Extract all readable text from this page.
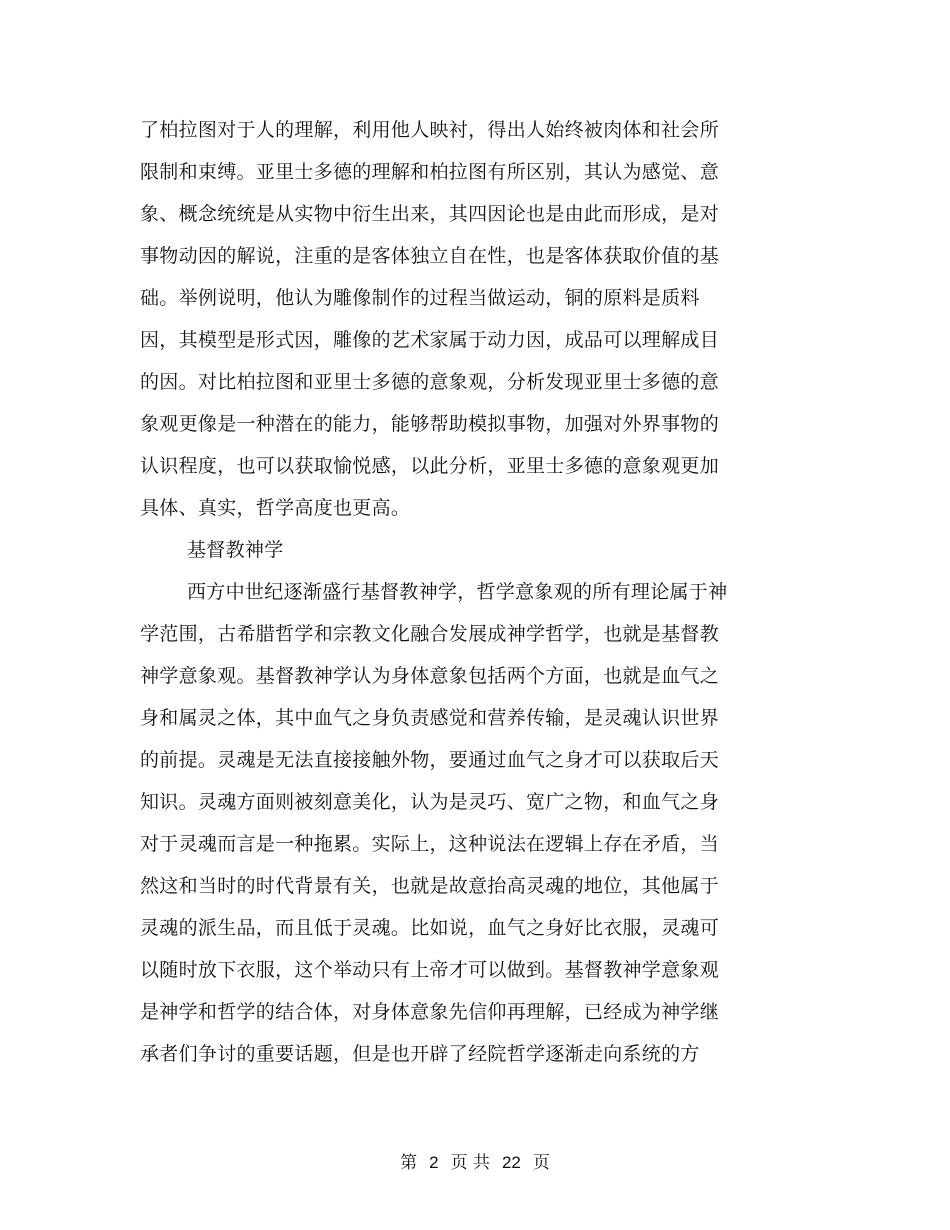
了柏拉图对于人的理解，利用他人映衬，得出人始终被肉体和社会所
限制和束缚。亚里士多德的理解和柏拉图有所区别，其认为感觉、意
象、概念统统是从实物中衍生出来，其四因论也是由此而形成，是对
事物动因的解说，注重的是客体独立自在性，也是客体获取价值的基
础。举例说明，他认为雕像制作的过程当做运动，铜的原料是质料
因，其模型是形式因，雕像的艺术家属于动力因，成品可以理解成目
的因。对比柏拉图和亚里士多德的意象观，分析发现亚里士多德的意
象观更像是一种潜在的能力，能够帮助模拟事物，加强对外界事物的
认识程度，也可以获取愉悦感，以此分析，亚里士多德的意象观更加
具体、真实，哲学高度也更高。
基督教神学
西方中世纪逐渐盛行基督教神学，哲学意象观的所有理论属于神
学范围，古希腊哲学和宗教文化融合发展成神学哲学，也就是基督教
神学意象观。基督教神学认为身体意象包括两个方面，也就是血气之
身和属灵之体，其中血气之身负责感觉和营养传输，是灵魂认识世界
的前提。灵魂是无法直接接触外物，要通过血气之身才可以获取后天
知识。灵魂方面则被刻意美化，认为是灵巧、宽广之物，和血气之身
对于灵魂而言是一种拖累。实际上，这种说法在逻辑上存在矛盾，当
然这和当时的时代背景有关，也就是故意抬高灵魂的地位，其他属于
灵魂的派生品，而且低于灵魂。比如说，血气之身好比衣服，灵魂可
以随时放下衣服，这个举动只有上帝才可以做到。基督教神学意象观
是神学和哲学的结合体，对身体意象先信仰再理解，已经成为神学继
承者们争讨的重要话题，但是也开辟了经院哲学逐渐走向系统的方
第 2 页 共 22 页
